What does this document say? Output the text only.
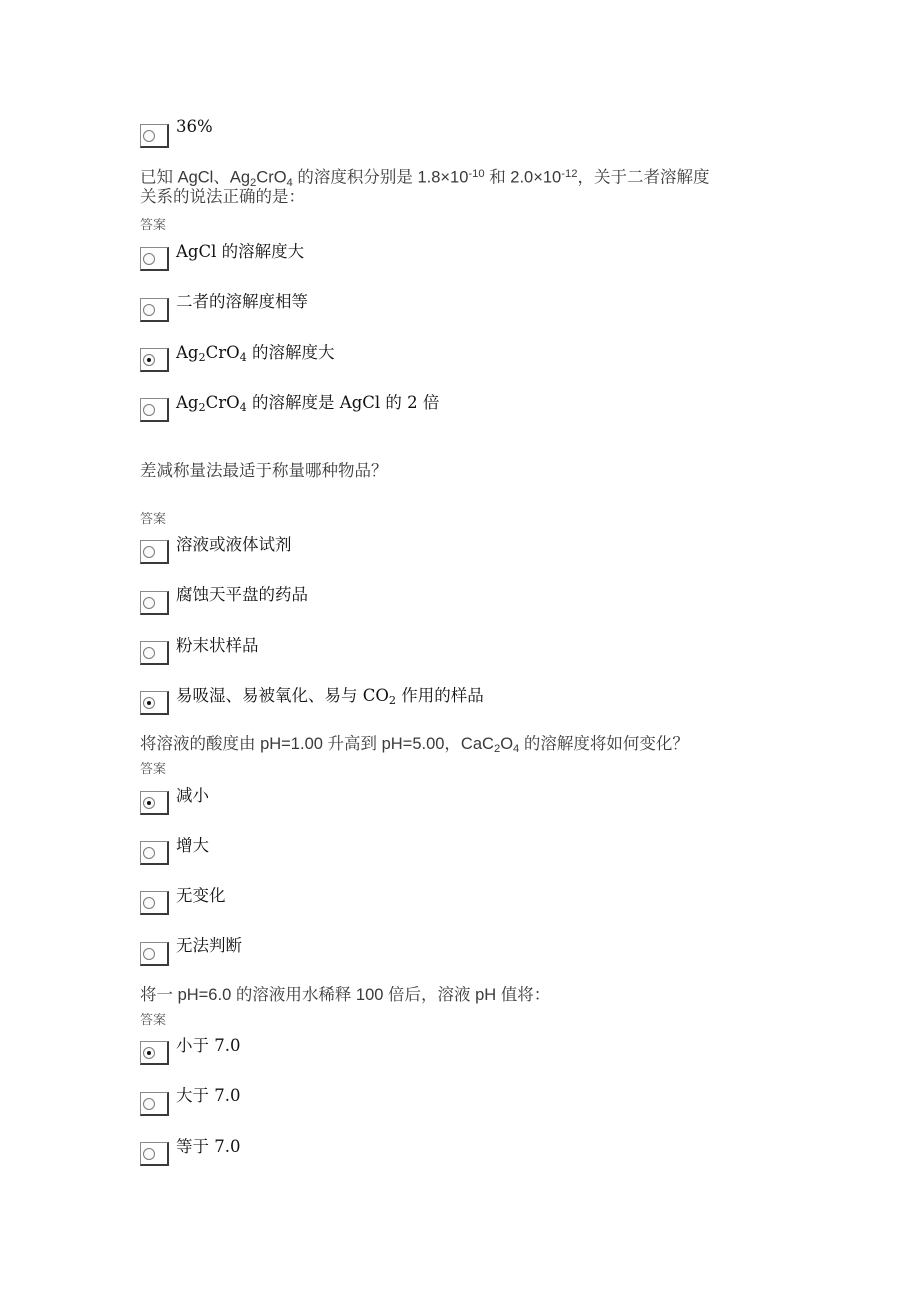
36%
已知 AgCl、$Ag_2CrO_4$ 的溶度积分别是 $1.8\times 10^{-10}$ 和 $2.0\times 10^{-12}$，关于二者溶解度
关系的说法正确的是：
答案
AgCl 的溶解度大
二者的溶解度相等
$Ag_2CrO_4$ 的溶解度大
$Ag_2CrO_4$ 的溶解度是 AgCl 的 2 倍
差减称量法最适于称量哪种物品？
答案
溶液或液体试剂
腐蚀天平盘的药品
粉末状样品
易吸湿、易被氧化、易与 $CO_2$ 作用的样品
将溶液的酸度由 pH=1.00 升高到 pH=5.00，$CaC_2O_4$ 的溶解度将如何变化？
答案
减小
增大
无变化
无法判断
将一 pH=6.0 的溶液用水稀释 100 倍后，溶液 pH 值将：
答案
小于 7.0
大于 7.0
等于 7.0
